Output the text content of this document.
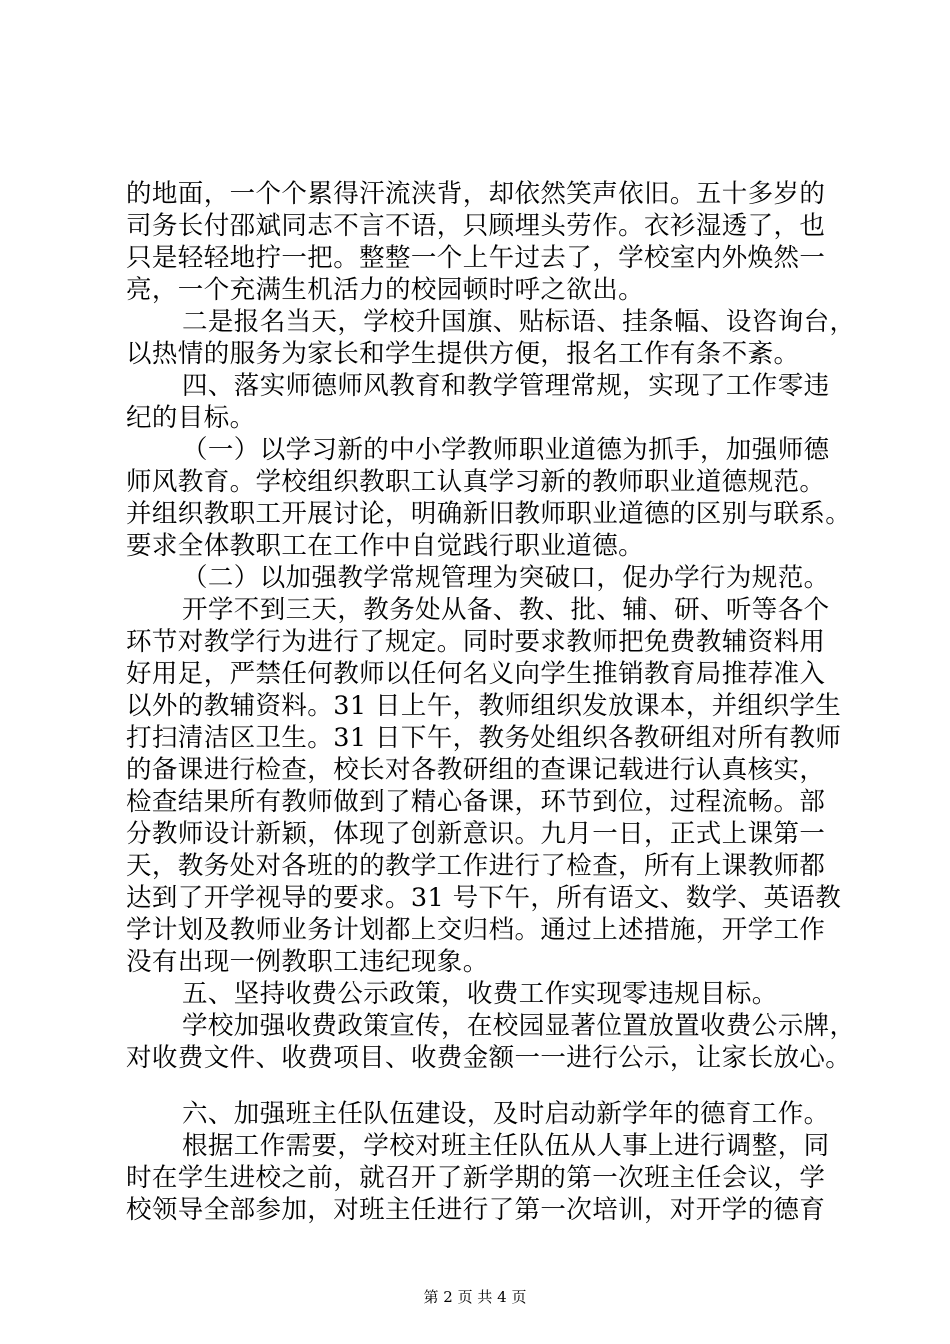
的地面，一个个累得汗流浃背，却依然笑声依旧。五十多岁的
司务长付邵斌同志不言不语，只顾埋头劳作。衣衫湿透了，也
只是轻轻地拧一把。整整一个上午过去了，学校室内外焕然一
亮，一个充满生机活力的校园顿时呼之欲出。
二是报名当天，学校升国旗、贴标语、挂条幅、设咨询台，
以热情的服务为家长和学生提供方便，报名工作有条不紊。
四、落实师德师风教育和教学管理常规，实现了工作零违
纪的目标。
（一）以学习新的中小学教师职业道德为抓手，加强师德
师风教育。学校组织教职工认真学习新的教师职业道德规范。
并组织教职工开展讨论，明确新旧教师职业道德的区别与联系。
要求全体教职工在工作中自觉践行职业道德。
（二）以加强教学常规管理为突破口，促办学行为规范。
开学不到三天，教务处从备、教、批、辅、研、听等各个
环节对教学行为进行了规定。同时要求教师把免费教辅资料用
好用足，严禁任何教师以任何名义向学生推销教育局推荐准入
以外的教辅资料。31 日上午，教师组织发放课本，并组织学生
打扫清洁区卫生。31 日下午，教务处组织各教研组对所有教师
的备课进行检查，校长对各教研组的查课记载进行认真核实，
检查结果所有教师做到了精心备课，环节到位，过程流畅。部
分教师设计新颖，体现了创新意识。九月一日，正式上课第一
天，教务处对各班的的教学工作进行了检查，所有上课教师都
达到了开学视导的要求。31 号下午，所有语文、数学、英语教
学计划及教师业务计划都上交归档。通过上述措施，开学工作
没有出现一例教职工违纪现象。
五、坚持收费公示政策，收费工作实现零违规目标。
学校加强收费政策宣传，在校园显著位置放置收费公示牌，
对收费文件、收费项目、收费金额一一进行公示，让家长放心。
六、加强班主任队伍建设，及时启动新学年的德育工作。
根据工作需要，学校对班主任队伍从人事上进行调整，同
时在学生进校之前，就召开了新学期的第一次班主任会议，学
校领导全部参加，对班主任进行了第一次培训，对开学的德育
第 2 页 共 4 页
